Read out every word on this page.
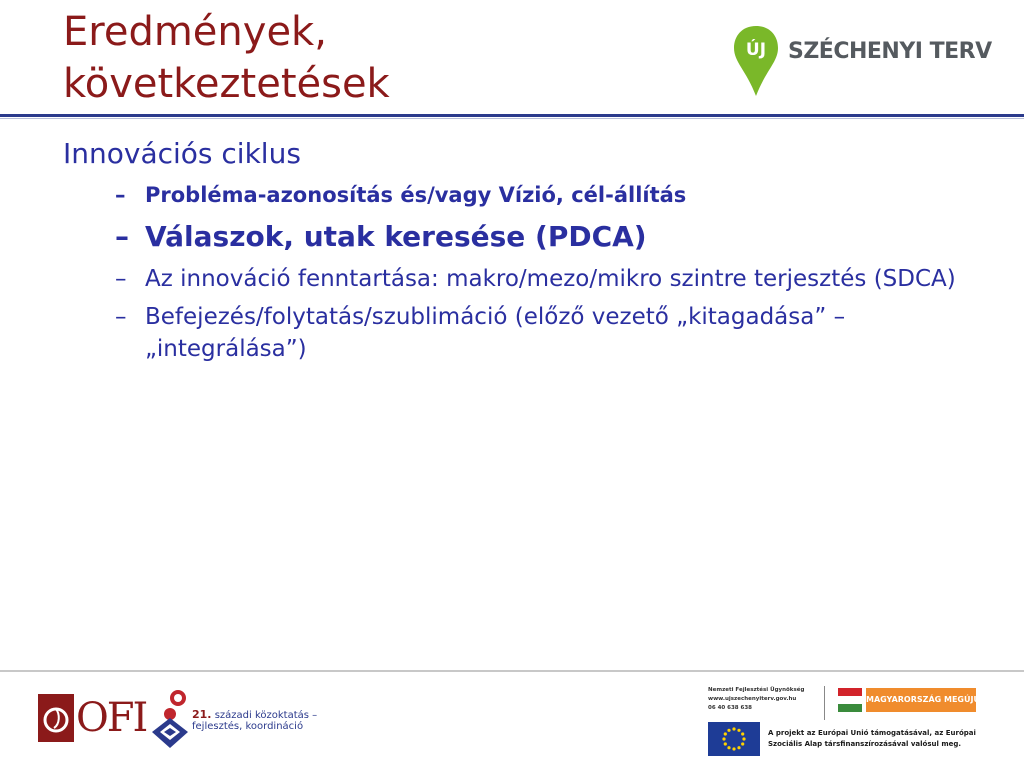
Eredmények,
következtetések
ÚJ SZÉCHENYI TERV

Innovációs ciklus

– Probléma-azonosítás és/vagy Vízió, cél-állítás
– Válaszok, utak keresése (PDCA)
– Az innováció fenntartása: makro/mezo/mikro szintre terjesztés (SDCA)
– Befejezés/folytatás/szublimáció (előző vezető „kitagadása” – „integrálása”)
OFI	21. századi közoktatás –
fejlesztés, koordináció
Nemzeti Fejlesztési Ügynökség
www.ujszechenyiterv.gov.hu
06 40 638 638
MAGYARORSZÁG MEGÚJUL
A projekt az Európai Unió támogatásával, az Európai
Szociális Alap társfinanszírozásával valósul meg.
